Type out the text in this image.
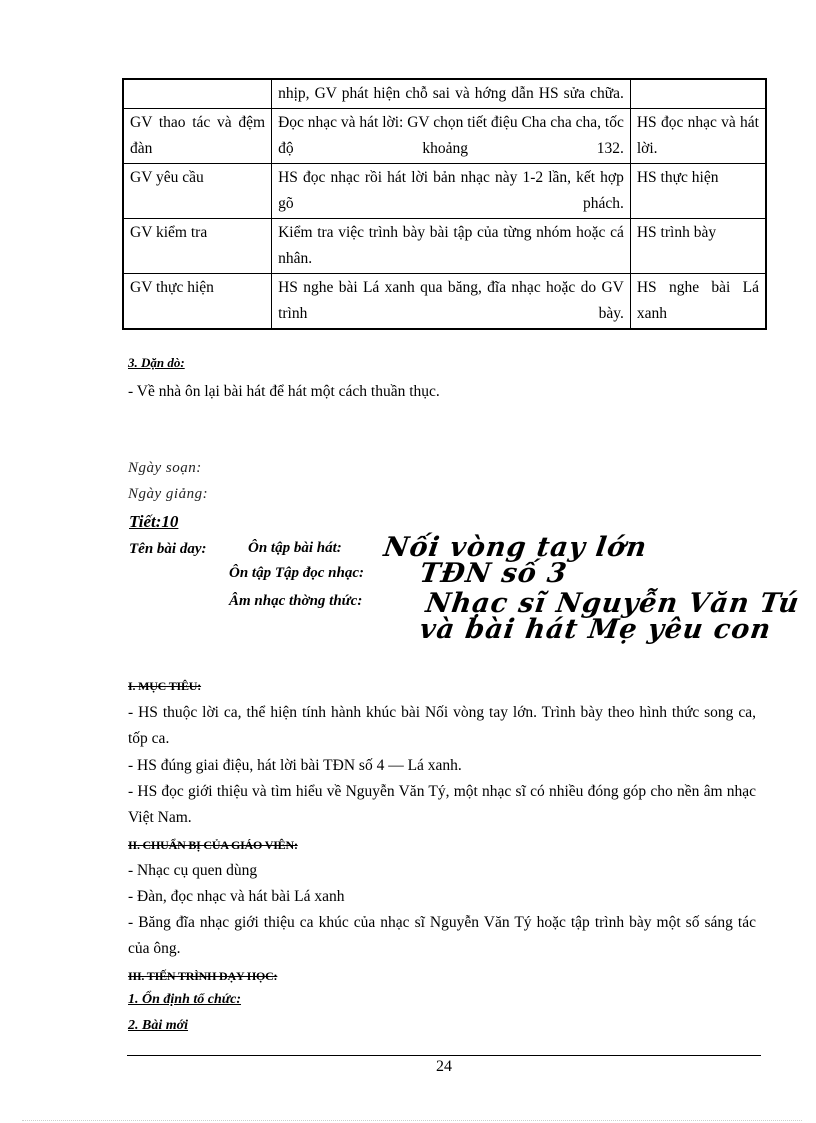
	nhịp, GV phát hiện chỗ sai và hớng dẫn HS sửa chữa.	
GV thao tác và đệm đàn	Đọc nhạc và hát lời: GV chọn tiết điệu Cha cha cha, tốc độ khoảng 132.	HS đọc nhạc và hát lời.
GV yêu cầu	HS đọc nhạc rồi hát lời bản nhạc này 1-2 lần, kết hợp gõ phách.	HS thực hiện
GV kiểm tra	Kiểm tra việc trình bày bài tập của từng nhóm hoặc cá nhân.	HS trình bày
GV thực hiện	HS nghe bài Lá xanh qua băng, đĩa nhạc hoặc do GV trình bày.	HS nghe bài Lá xanh
3. Dặn dò:
- Về nhà ôn lại bài hát để hát một cách thuần thục.
Ngày soạn:
Ngày giảng:
Tiết:10
Tên bài day:	Ôn tập bài hát: Nối vòng tay lớn
Ôn tập Tập đọc nhạc: TĐN số 3
Âm nhạc thờng thức: Nhạc sĩ Nguyễn Văn Tú
và bài hát Mẹ yêu con
I. MỤC TIÊU:
- HS thuộc lời ca, thể hiện tính hành khúc bài Nối vòng tay lớn. Trình bày theo hình thức song ca, tốp ca.
- HS đúng giai điệu, hát lời bài TĐN số 4 — Lá xanh.
- HS đọc giới thiệu và tìm hiểu về Nguyễn Văn Tý, một nhạc sĩ có nhiều đóng góp cho nền âm nhạc Việt Nam.
II. CHUẨN BỊ CỦA GIÁO VIÊN:
- Nhạc cụ quen dùng
- Đàn, đọc nhạc và hát bài Lá xanh
- Băng đĩa nhạc giới thiệu ca khúc của nhạc sĩ Nguyễn Văn Tý hoặc tập trình bày một số sáng tác của ông.
III. TIẾN TRÌNH DẠY HỌC:
1. Ổn định tổ chức:
2. Bài mới
24
